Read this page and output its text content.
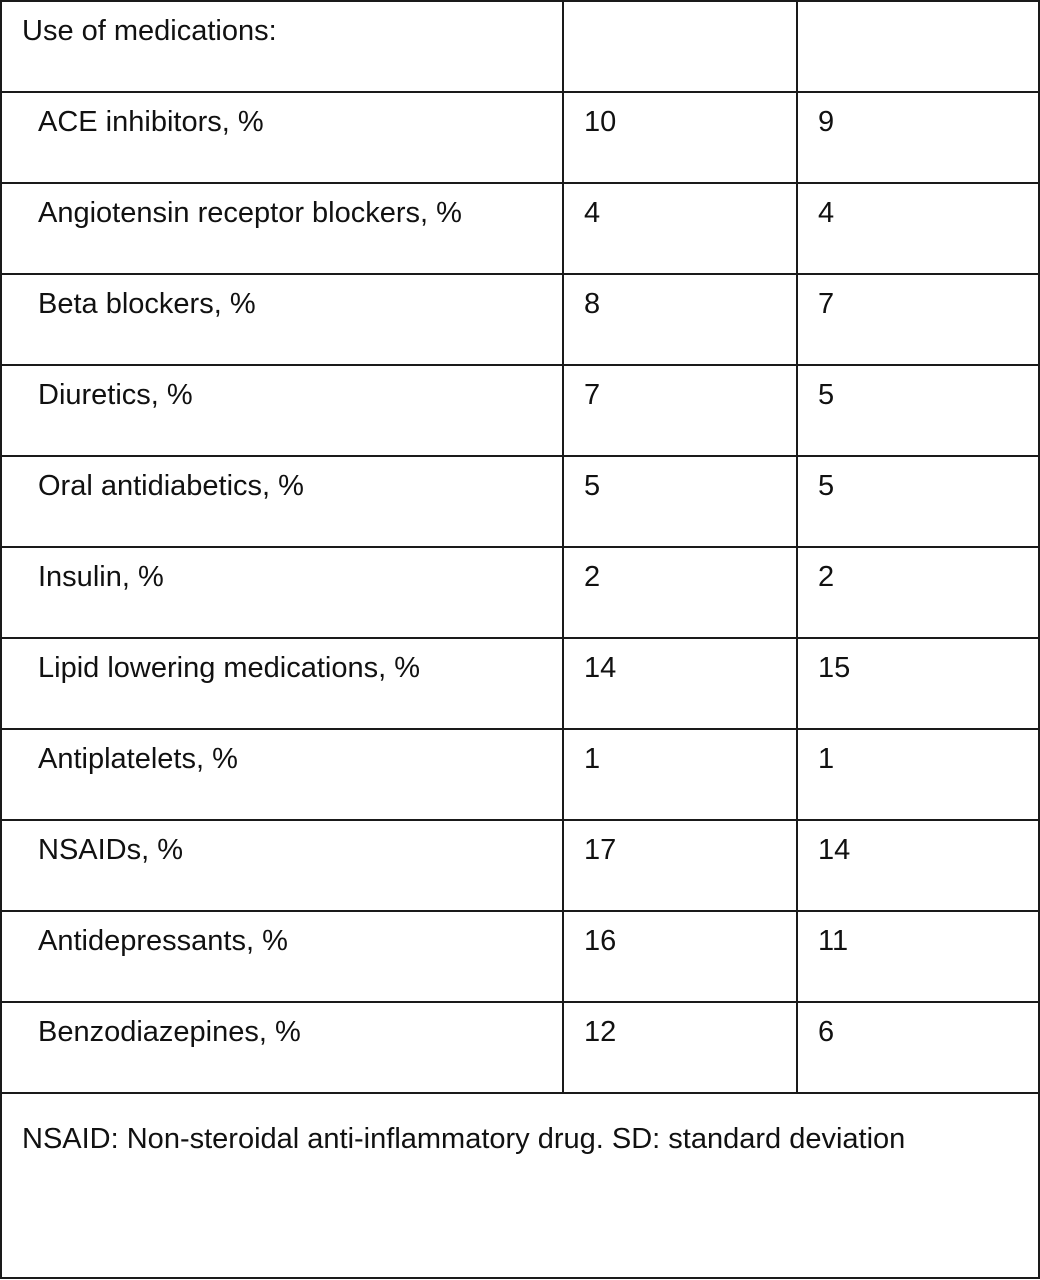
Use of medications:		
ACE inhibitors, %	10	9
Angiotensin receptor blockers, %	4	4
Beta blockers, %	8	7
Diuretics, %	7	5
Oral antidiabetics, %	5	5
Insulin, %	2	2
Lipid lowering medications, %	14	15
Antiplatelets, %	1	1
NSAIDs, %	17	14
Antidepressants, %	16	11
Benzodiazepines, %	12	6
NSAID: Non-steroidal anti-inflammatory drug. SD: standard deviation		
